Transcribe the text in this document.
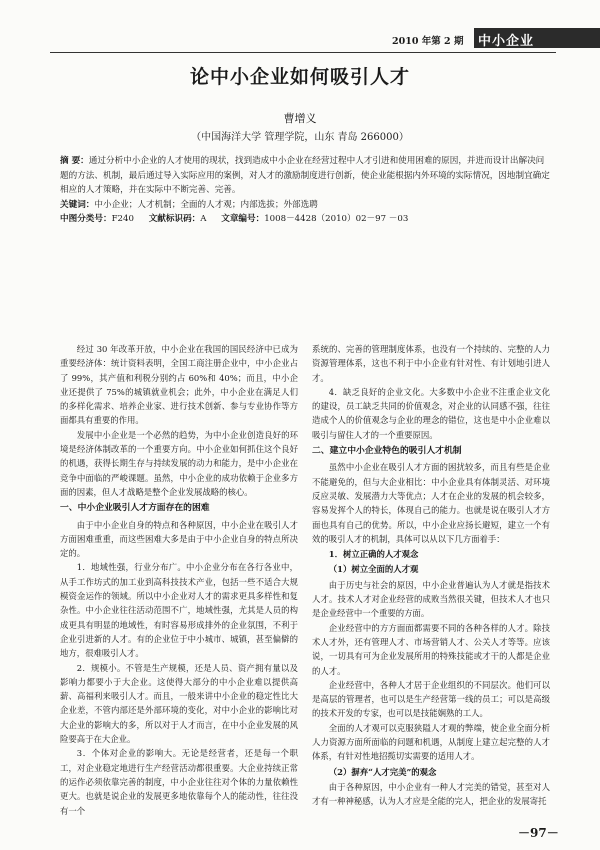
2010 年第 2 期 中小企业
论中小企业如何吸引人才
曹增义
（中国海洋大学 管理学院，山东 青岛 266000）

摘 要：通过分析中小企业的人才使用的现状，找到造成中小企业在经营过程中人才引进和使用困难的原因，并进而设计出解决问题的方法、机制，最后通过导入实际应用的案例，对人才的激励制度进行创新，使企业能根据内外环境的实际情况，因地制宜确定相应的人才策略，并在实际中不断完善、完善。

关键词：中小企业；人才机制；全面的人才观；内部选拔；外部选聘

中图分类号：F240 文献标识码：A 文章编号：1008－4428（2010）02－97 －03

经过 30 年改革开放，中小企业在我国的国民经济中已成为重要经济体：统计资料表明，全国工商注册企业中，中小企业占了 99%，其产值和利税分别约占 60%和 40%；而且，中小企业还提供了 75%的城镇就业机会；此外，中小企业在满足人们的多样化需求、培养企业家、进行技术创新、参与专业协作等方面都具有重要的作用。

发展中小企业是一个必然的趋势，为中小企业创造良好的环境是经济体制改革的一个重要方向。中小企业如何抓住这个良好的机遇，获得长期生存与持续发展的动力和能力，是中小企业在竞争中面临的严峻课题。虽然，中小企业的成功依赖于企业多方面的因素，但人才战略是整个企业发展战略的核心。

一、中小企业吸引人才方面存在的困难

由于中小企业自身的特点和各种原因，中小企业在吸引人才方面困难重重，而这些困难大多是由于中小企业自身的特点所决定的。

1．地域性强，行业分布广。中小企业分布在各行各业中，从手工作坊式的加工业到高科技技术产业，包括一些不适合大规模资金运作的领域。所以中小企业对人才的需求更具多样性和复杂性。中小企业往往活动范围不广，地域性强，尤其是人员的构成更具有明显的地域性，有时容易形成排外的企业氛围，不利于企业引进新的人才。有的企业位于中小城市、城镇，甚至偏僻的地方，很难吸引人才。

2．规模小。不管是生产规模，还是人员、资产拥有量以及影响力都要小于大企业。这使得大部分的中小企业难以提供高薪、高福利来吸引人才。而且，一般来讲中小企业的稳定性比大企业差，不管内部还是外部环境的变化，对中小企业的影响比对大企业的影响大的多，所以对于人才而言，在中小企业发展的风险要高于在大企业。

3．个体对企业的影响大。无论是经营者，还是每一个职工，对企业稳定地进行生产经营活动都很重要。大企业持续正常的运作必须依靠完善的制度，中小企业往往对个体的力量依赖性更大。也就是说企业的发展更多地依靠每个人的能动性，往往没有一个

系统的、完善的管理制度体系，也没有一个持续的、完整的人力资源管理体系，这也不利于中小企业有针对性、有计划地引进人才。

4．缺乏良好的企业文化。大多数中小企业不注重企业文化的建设，员工缺乏共同的价值观念，对企业的认同感不强，往往造成个人的价值观念与企业的理念的错位，这也是中小企业难以吸引与留住人才的一个重要原因。

二、建立中小企业特色的吸引人才机制

虽然中小企业在吸引人才方面的困扰较多，而且有些是企业不能避免的，但与大企业相比：中小企业具有体制灵活、对环境反应灵敏、发展潜力大等优点；人才在企业的发展的机会较多，容易发挥个人的特长，体现自己的能力。也就是说在吸引人才方面也具有自己的优势。所以，中小企业应扬长避短，建立一个有效的吸引人才的机制，具体可以从以下几方面着手：

1．树立正确的人才观念
（1）树立全面的人才观

由于历史与社会的原因，中小企业普遍认为人才就是指技术人才。技术人才对企业经营的成败当然很关键，但技术人才也只是企业经营中一个重要的方面。

企业经营中的方方面面都需要不同的各种各样的人才。除技术人才外，还有管理人才、市场营销人才、公关人才等等。应该说，一切具有可为企业发展所用的特殊技能或才干的人都是企业的人才。

企业经营中，各种人才居于企业组织的不同层次。他们可以是高层的管理者，也可以是生产经营第一线的员工；可以是高级的技术开发的专家，也可以是技能娴熟的工人。

全面的人才观可以克服狭隘人才观的弊端，使企业全面分析人力资源方面所面临的问题和机遇，从制度上建立起完整的人才体系，有针对性地招揽切实需要的适用人才。

（2）摒弃“人才完美”的观念

由于各种原因，中小企业有一种人才完美的错觉，甚至对人才有一种神秘感，认为人才应是全能的完人，把企业的发展寄托

－97－
